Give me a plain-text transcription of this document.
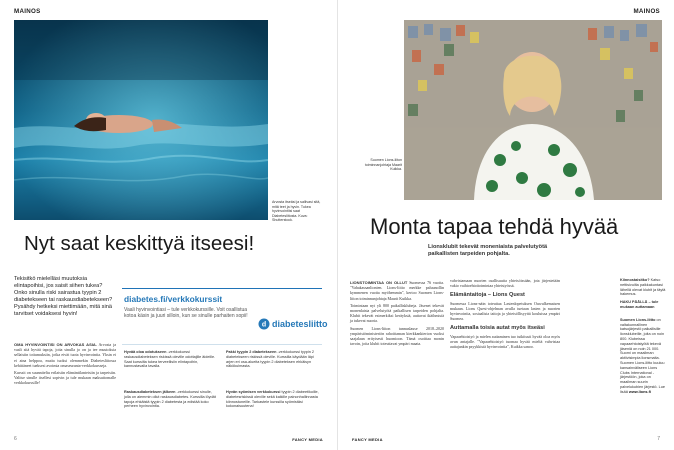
MAINOS
Arvosta itseäsi ja sallivasi sitä, mitä teet ja hyvin. Tukea hyvinvointiisi saat Diabetesliitosta. Kuva: Shutterstock.
Nyt saat keskittyä itseesi!
Tekisitkö mielelläsi muutoksia elintapoihisi, jos saisit siihen tukea? Onko sinulla riski sairastua tyypin 2 diabetekseen tai raskausdiabetekseen? Pysähdy hetkeksi miettimään, mitä sinä tarvitset voidaksesi hyvin!
OMA HYVINVOINTISI ON ARVOKAS ASIA. Arvosta ja vaali sitä hyvää tapoja, joita sinulla jo on ja tee muutoksia sellaisiin tottumuksiin, jotka eivät tuota hyvinvointia. Yksin ei ei aina helppoa, mutta tuoksi olemmekin Diabetesliitossa kehittäneet tueksesi avoimia omaseuranta-verkkokursseja.
Kurssit on suunniteltu erilaisiin elämäntilanteisiin ja tarpeisiin. Valitse sinulle itsellesi sopivin ja tule mukaan maksuttomalle verkkokurssille!
diabetes.fi/verkkokurssit
Vaali hyvinvointiasi – tule verkkokurssille. Voit osallistua kotoa käsin ja juuri silloin, kun se sinulle parhaiten sopii!
d diabetesliitto
Hyvää oloa odotukseen -verkkokurssi raskausdiabeteksen riskissä oleville odottajille äideille. Saat kurssilta tukea terveellisiin elintapoihin, kannustavalla tavalla.
Raskausdiabeteksen jälkeen -verkkokurssi sinulle, jolla on aiemmin ollut raskausdiabetes. Kurssilla löydät tapoja ehkäistä tyypin 2 diabetesta ja edistää koko perheen hyvinvointia.
Pakki tyypin 2 diabetekseen -verkkokurssi tyypin 2 diabetekseen riskissä oleville. Kurssilla käydään läpi arjen eri osa-alueita tyypin 2 diabeteksen ehkäisyn näkökulmasta.
Hyvän syömisen verkkokurssi tyypin 2 diabeetikoille, diabetesriskissä oleville sekä kaikille painonhallinnasta kiinnostuneille. Tarkastele kurssilla syömistäsi kokonaisuutena!
6	FANCY MEDIA
MAINOS
Suomen Lions-liiton toiminnanjohtaja Maarit Kuikka.
Monta tapaa tehdä hyvää
Lionsklubit tekevät moneniaista palvelutyötä paikallisten tarpeiden pohjalta.
LIONSTOIMINTAA ON OLLUT Suomessa 76 vuotta. "Vahakassanlionien. Lions-liitto merkke paluunollin kymmenen vuotta myöhemmin", kertoo Suomen Lions-liiton toiminnanjohtaja Maarit Kuikka.
Toimintaan nyt yli 800 paikallisklubeja. Jäsenet tekevät monenlaista palvelutyötä paikallisen tarpeiden pohjalta. Klubit tekevät esimerkiksi keräyksiä, auttavat ikäihmisiä ja tukevat nuoria.
Suomen Lions-liiton tunnuslause 2018–2020 ympäristöministeriön rahoittaman kierkkankierton vuoksi saajalaan erityisesti huomioon. Tämä osoittaa monin tavoin, joita klubit toteuttavat ympäri maata.
vahvistamaan nuorten osallisuutta yhteisöissään, jota järjestetään vakio vaihtoehtoitoimintaa yhteistyössä.
Elämäntaitoja – Lions Quest
Suomessa Lions-näin toteuttaa Lastenlopetuksen Ouwulkemaisen mukaan. Lions Quest-ohjelman avulla tuetaan lasten ja nuorten hyvinvointia, sosiaalisia taitoja ja yhteisöllisyyttä kouluissa ympäri Suomea.
Auttamalla toisia autat myös itseäsi
Vapaaehtoistyö ja mielen auttaminen tuo tutkitusti hyvää oloa myös avun antajalle. "Vapaaehtoistyö tuomaa hyvää mieltä vahvistaa auttajankin psyykkistä hyvinvointia", Kuikka sanoo.
Kiinnostaisitko? Katso nettisivuilta paikkakuntasi lähellä olevat klubit ja täytä hakemus.
HAKU PÄÄLLÄ – tule mukaan auttamaan
Suomen Lions-liitto on valtakunnallinen katsojärjestö paikallisille lionsklubeille, joita on noin 800. Klubeissa vapaaehtoistyötä tekevä jäseniä on noin 21 000. Suomi on maailman aktiivisimpia lionsmaita. Suomen Lions-liitto kuuluu kansainväliseen Lions Clubs International -järjestöön, joka on maailman suurin palvelukubien järjestö. Lue lisää www.lions.fi
FANCY MEDIA	7
